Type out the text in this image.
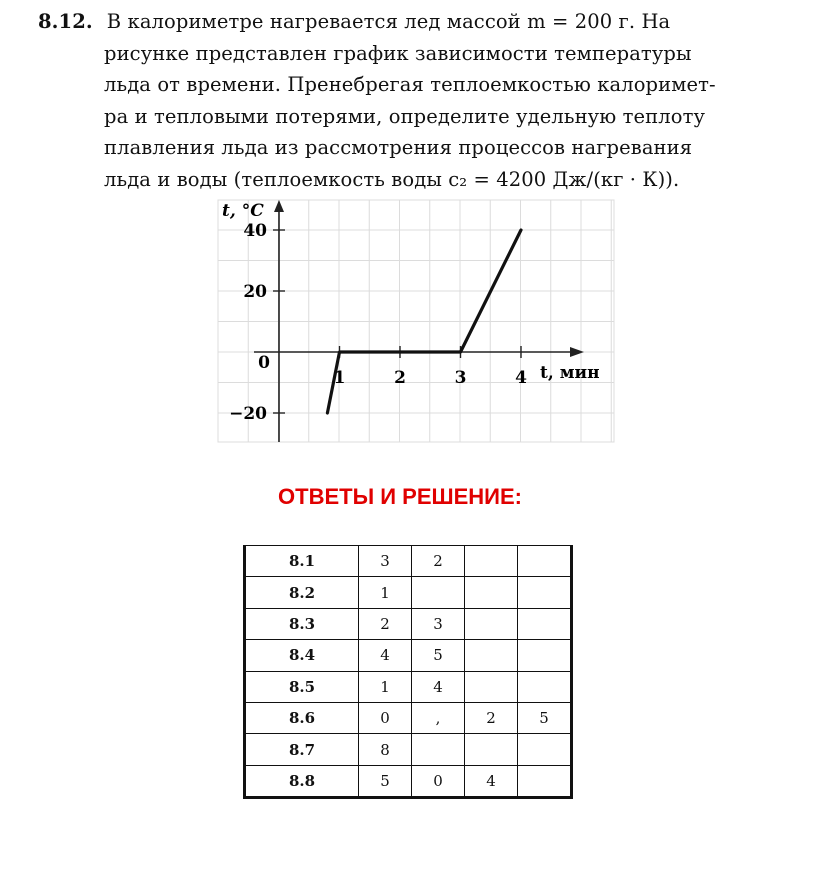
8.12. В калориметре нагревается лед массой m = 200 г. На
рисунке представлен график зависимости температуры
льда от времени. Пренебрегая теплоемкостью калоримет-
ра и тепловыми потерями, определите удельную теплоту
плавления льда из рассмотрения процессов нагревания
льда и воды (теплоемкость воды c₂ = 4200 Дж/(кг · К)).
1	2	3	4
40
20
0
−20
t, °C
t, мин
ОТВЕТЫ И РЕШЕНИЕ:
8.1	3	2		
8.2	1			
8.3	2	3		
8.4	4	5		
8.5	1	4		
8.6	0	,	2	5
8.7	8			
8.8	5	0	4	
